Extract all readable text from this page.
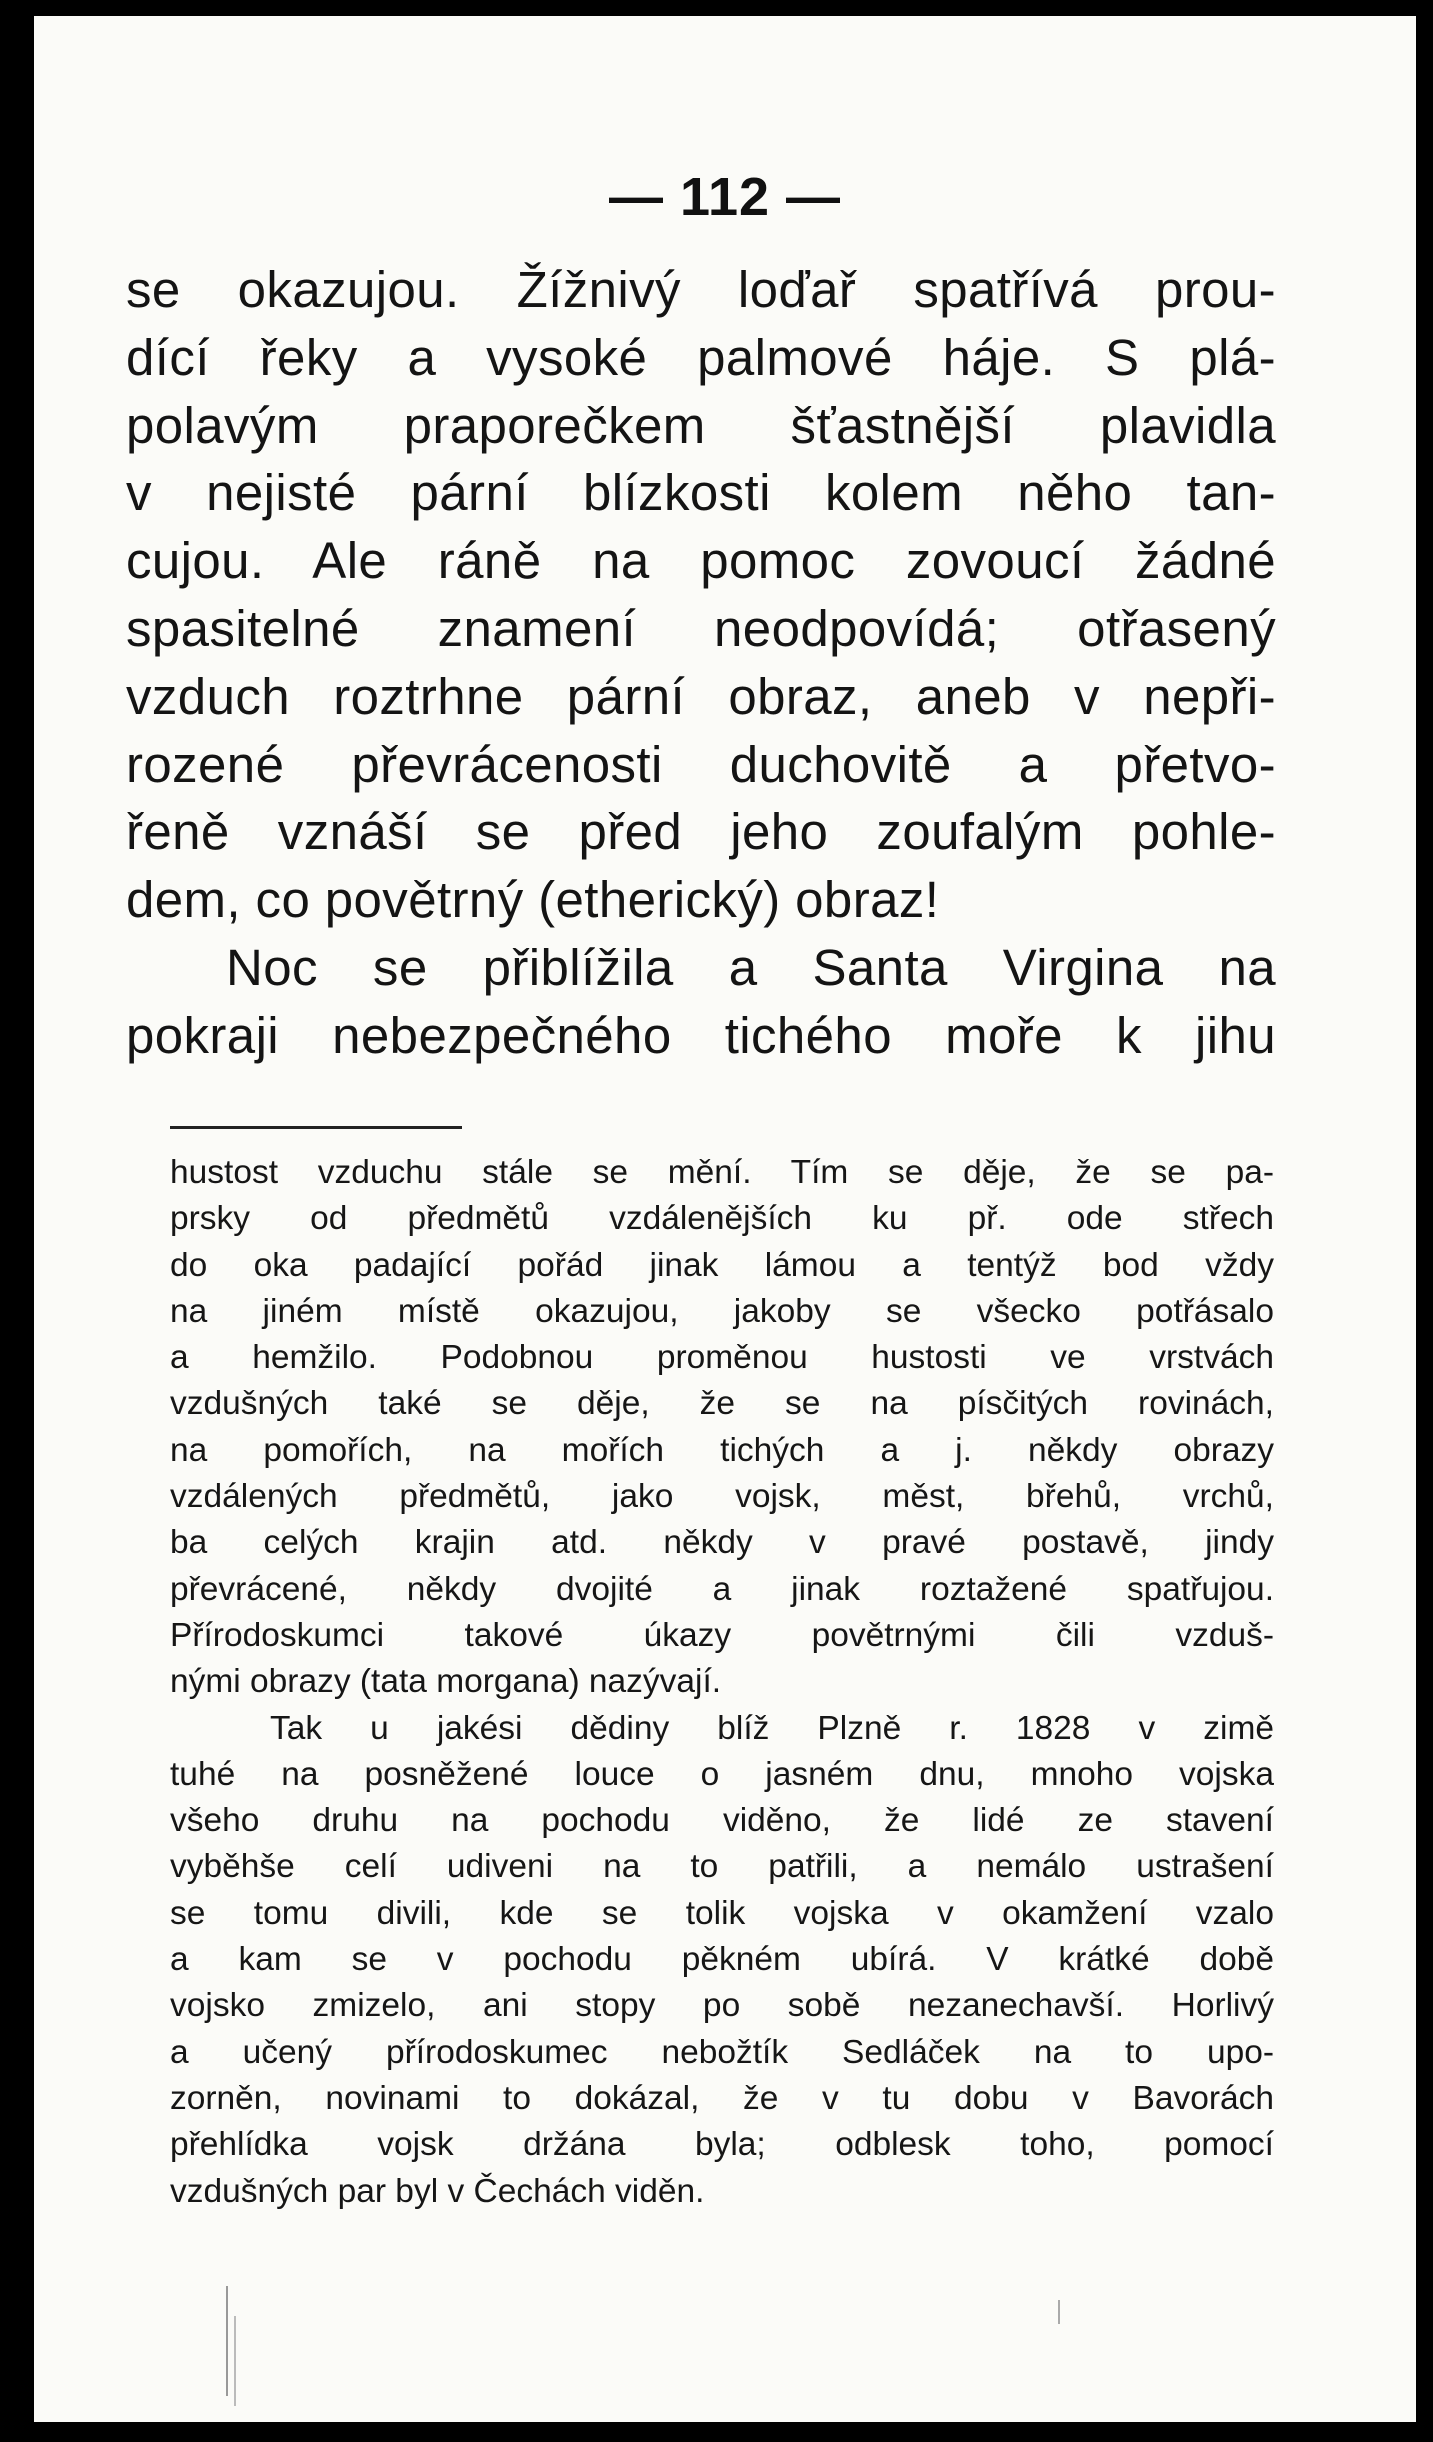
— 112 —
se okazujou. Žížnivý loďař spatřívá prou-
dící řeky a vysoké palmové háje. S plá-
polavým praporečkem šťastnější plavidla
v nejisté pární blízkosti kolem něho tan-
cujou. Ale ráně na pomoc zovoucí žádné
spasitelné znamení neodpovídá; otřasený
vzduch roztrhne pární obraz, aneb v nepři-
rozené převrácenosti duchovitě a přetvo-
řeně vznáší se před jeho zoufalým pohle-
dem, co povětrný (etherický) obraz!
Noc se přiblížila a Santa Virgina na
pokraji nebezpečného tichého moře k jihu
hustost vzduchu stále se mění. Tím se děje, že se pa-
prsky od předmětů vzdálenějších ku př. ode střech
do oka padající pořád jinak lámou a tentýž bod vždy
na jiném místě okazujou, jakoby se všecko potřásalo
a hemžilo. Podobnou proměnou hustosti ve vrstvách
vzdušných také se děje, že se na písčitých rovinách,
na pomořích, na mořích tichých a j. někdy obrazy
vzdálených předmětů, jako vojsk, měst, břehů, vrchů,
ba celých krajin atd. někdy v pravé postavě, jindy
převrácené, někdy dvojité a jinak roztažené spatřujou.
Přírodoskumci takové úkazy povětrnými čili vzduš-
nými obrazy (tata morgana) nazývají.
Tak u jakési dědiny blíž Plzně r. 1828 v zimě
tuhé na posněžené louce o jasném dnu, mnoho vojska
všeho druhu na pochodu viděno, že lidé ze stavení
vyběhše celí udiveni na to patřili, a nemálo ustrašení
se tomu divili, kde se tolik vojska v okamžení vzalo
a kam se v pochodu pěkném ubírá. V krátké době
vojsko zmizelo, ani stopy po sobě nezanechavší. Horlivý
a učený přírodoskumec nebožtík Sedláček na to upo-
zorněn, novinami to dokázal, že v tu dobu v Bavorách
přehlídka vojsk držána byla; odblesk toho, pomocí
vzdušných par byl v Čechách viděn.
